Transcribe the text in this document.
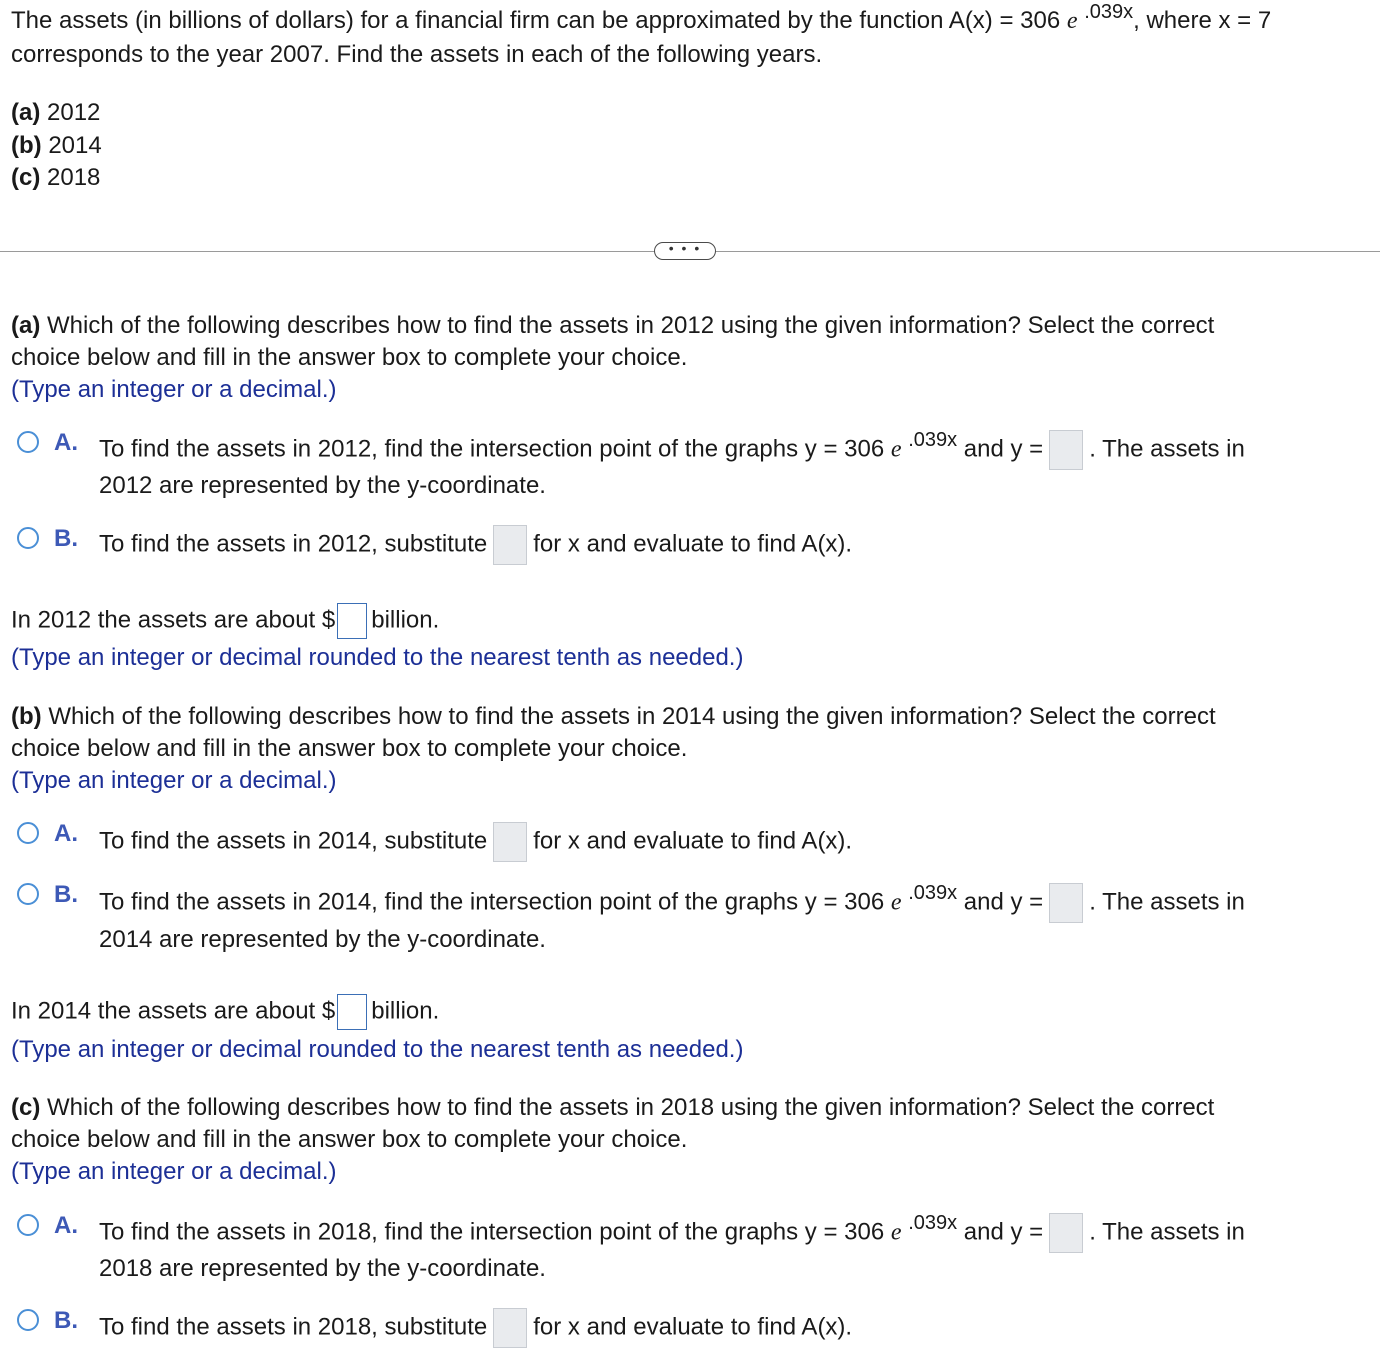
The assets (in billions of dollars) for a financial firm can be approximated by the function A(x) = 306 e $^{.039x}$, where x = 7
corresponds to the year 2007. Find the assets in each of the following years.
(a) 2012
(b) 2014
(c) 2018
• • •
(a) Which of the following describes how to find the assets in 2012 using the given information? Select the correct
choice below and fill in the answer box to complete your choice.
(Type an integer or a decimal.)
A. To find the assets in 2012, find the intersection point of the graphs y = 306 e $^{.039x}$ and y = . The assets in
2012 are represented by the y-coordinate.
B. To find the assets in 2012, substitute for x and evaluate to find A(x).
In 2012 the assets are about $ billion.
(Type an integer or decimal rounded to the nearest tenth as needed.)
(b) Which of the following describes how to find the assets in 2014 using the given information? Select the correct
choice below and fill in the answer box to complete your choice.
(Type an integer or a decimal.)
A. To find the assets in 2014, substitute for x and evaluate to find A(x).
B. To find the assets in 2014, find the intersection point of the graphs y = 306 e $^{.039x}$ and y = . The assets in
2014 are represented by the y-coordinate.
In 2014 the assets are about $ billion.
(Type an integer or decimal rounded to the nearest tenth as needed.)
(c) Which of the following describes how to find the assets in 2018 using the given information? Select the correct
choice below and fill in the answer box to complete your choice.
(Type an integer or a decimal.)
A. To find the assets in 2018, find the intersection point of the graphs y = 306 e $^{.039x}$ and y = . The assets in
2018 are represented by the y-coordinate.
B. To find the assets in 2018, substitute for x and evaluate to find A(x).
